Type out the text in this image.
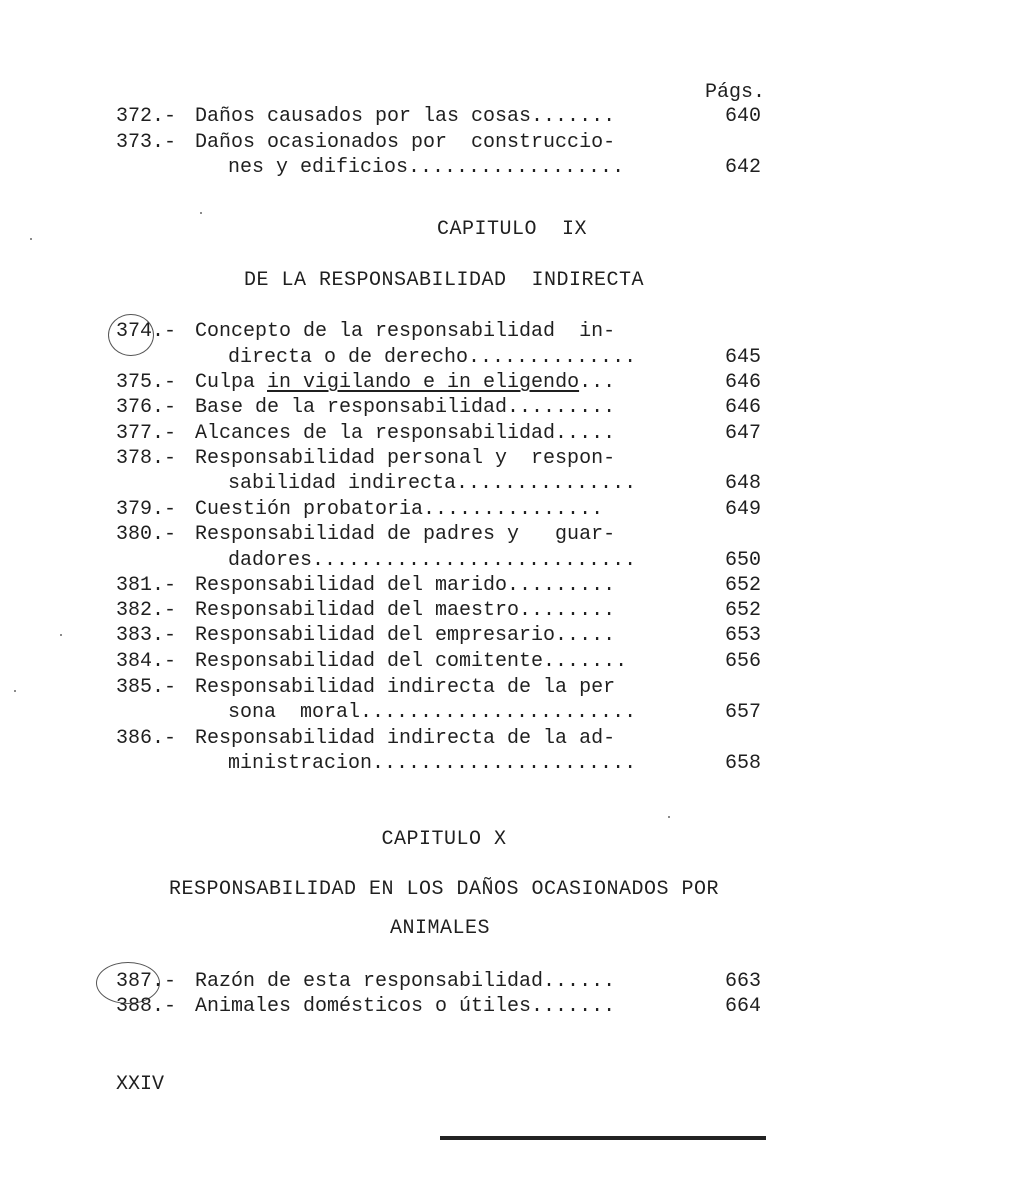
Págs.
372.- Daños causados por las cosas.......	640
373.- Daños ocasionados por  construccio-
nes y edificios..................	642
CAPITULO  IX
DE LA RESPONSABILIDAD  INDIRECTA
374.- Concepto de la responsabilidad  in-
directa o de derecho..............	645
375.- Culpa in vigilando e in eligendo...	646
376.- Base de la responsabilidad.........	646
377.- Alcances de la responsabilidad.....	647
378.- Responsabilidad personal y  respon-
sabilidad indirecta...............	648
379.- Cuestión probatoria...............	649
380.- Responsabilidad de padres y   guar-
dadores...........................	650
381.- Responsabilidad del marido.........	652
382.- Responsabilidad del maestro........	652
383.- Responsabilidad del empresario.....	653
384.- Responsabilidad del comitente.......	656
385.- Responsabilidad indirecta de la per
sona  moral.......................	657
386.- Responsabilidad indirecta de la ad-
ministracion......................	658
CAPITULO X
RESPONSABILIDAD EN LOS DAÑOS OCASIONADOS POR
ANIMALES
387.- Razón de esta responsabilidad......	663
388.- Animales domésticos o útiles.......	664
XXIV
